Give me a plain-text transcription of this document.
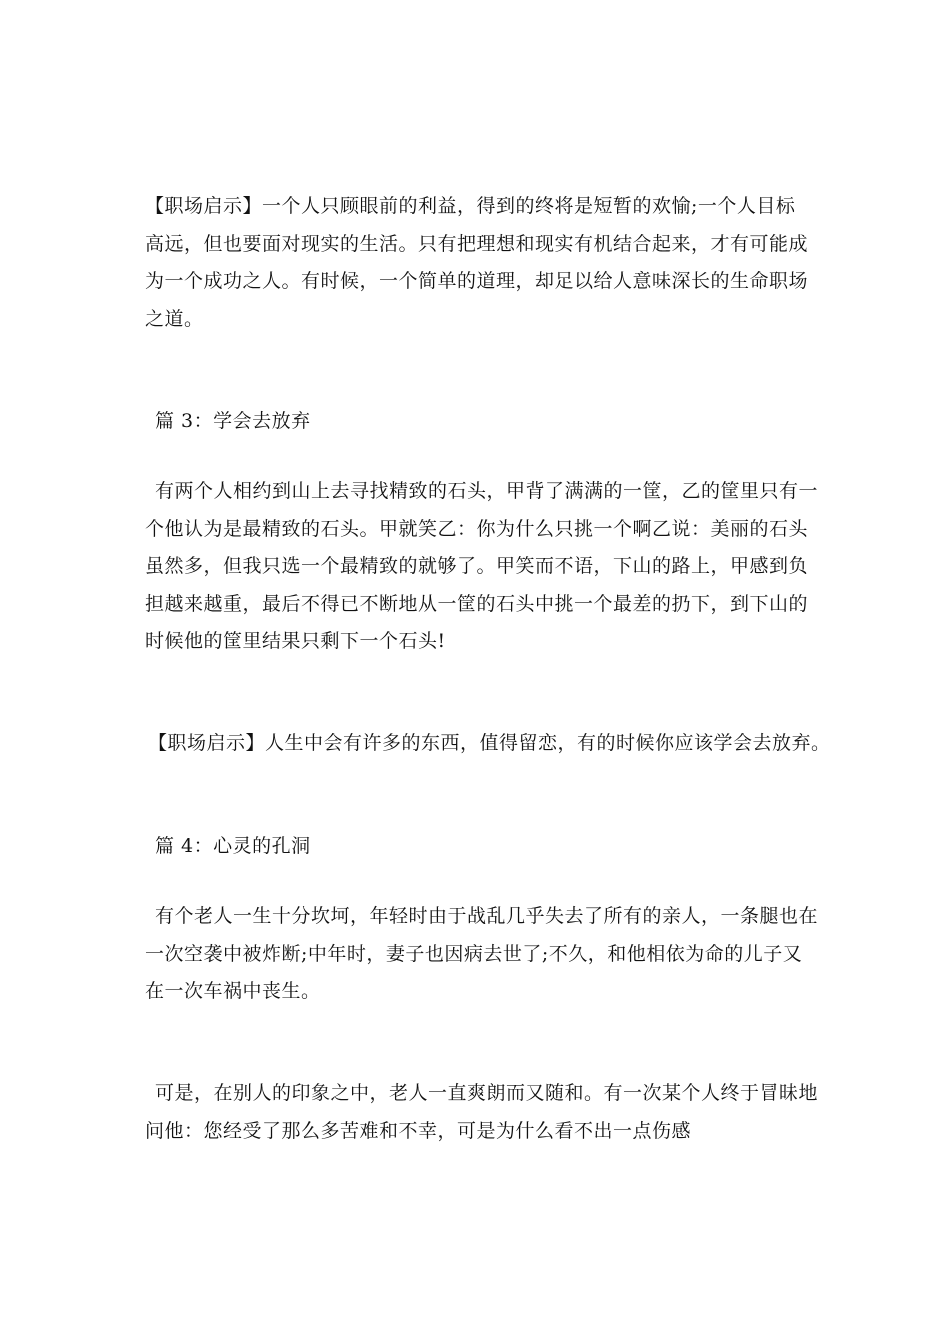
【职场启示】一个人只顾眼前的利益，得到的终将是短暂的欢愉;一个人目标
高远，但也要面对现实的生活。只有把理想和现实有机结合起来，才有可能成
为一个成功之人。有时候，一个简单的道理，却足以给人意味深长的生命职场
之道。
篇 3：学会去放弃
有两个人相约到山上去寻找精致的石头，甲背了满满的一筐，乙的筐里只有一
个他认为是最精致的石头。甲就笑乙：你为什么只挑一个啊乙说：美丽的石头
虽然多，但我只选一个最精致的就够了。甲笑而不语，下山的路上，甲感到负
担越来越重，最后不得已不断地从一筐的石头中挑一个最差的扔下，到下山的
时候他的筐里结果只剩下一个石头!
【职场启示】人生中会有许多的东西，值得留恋，有的时候你应该学会去放弃。
篇 4：心灵的孔洞
有个老人一生十分坎坷，年轻时由于战乱几乎失去了所有的亲人，一条腿也在
一次空袭中被炸断;中年时，妻子也因病去世了;不久，和他相依为命的儿子又
在一次车祸中丧生。
可是，在别人的印象之中，老人一直爽朗而又随和。有一次某个人终于冒昧地
问他：您经受了那么多苦难和不幸，可是为什么看不出一点伤感
